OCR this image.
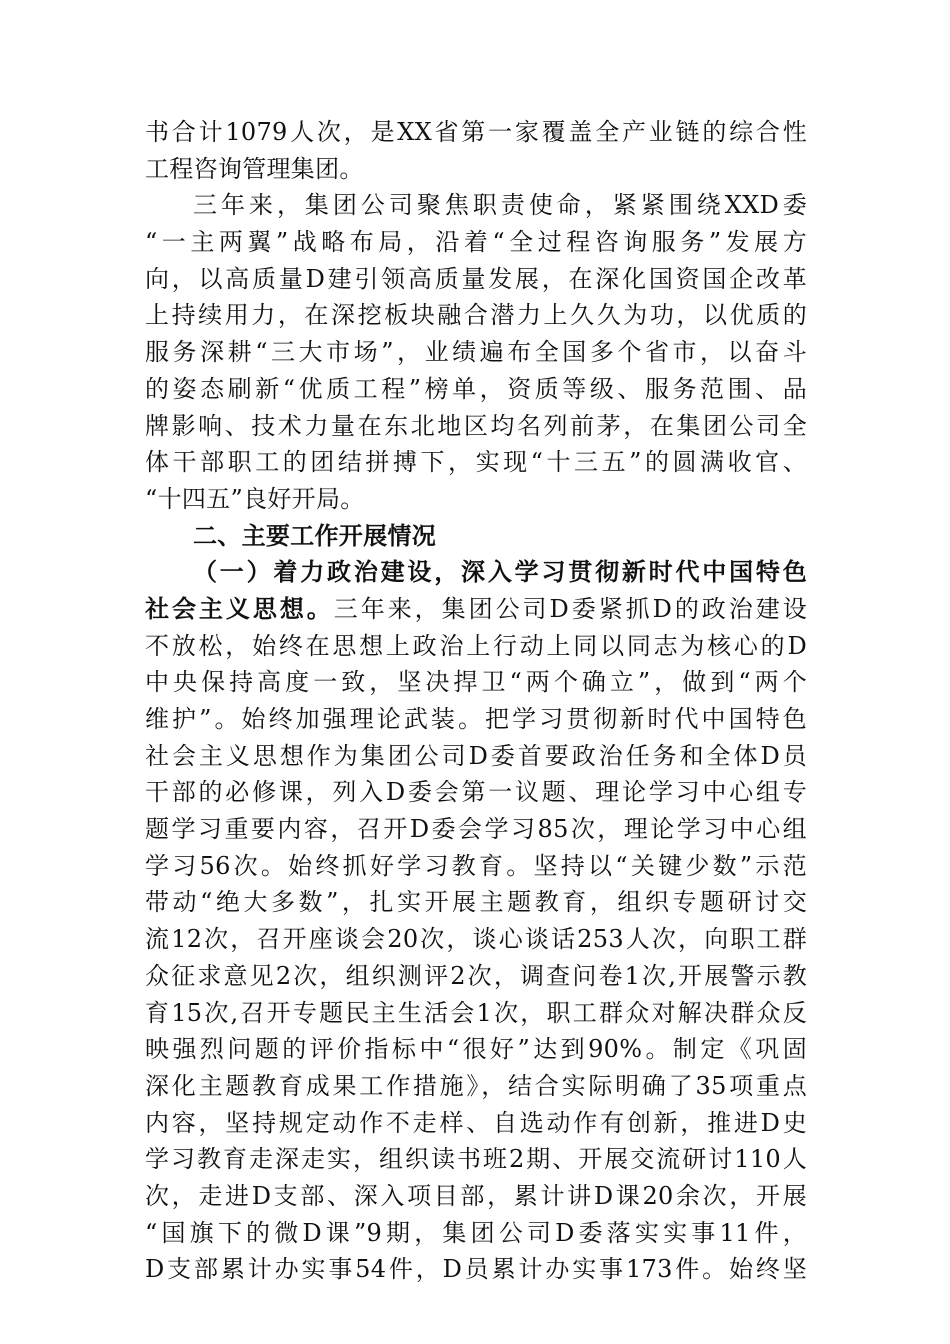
书合计1079人次，是XX省第一家覆盖全产业链的综合性
工程咨询管理集团。
三年来，集团公司聚焦职责使命，紧紧围绕XXD委
“一主两翼”战略布局，沿着“全过程咨询服务”发展方
向，以高质量D建引领高质量发展，在深化国资国企改革
上持续用力，在深挖板块融合潜力上久久为功，以优质的
服务深耕“三大市场”，业绩遍布全国多个省市，以奋斗
的姿态刷新“优质工程”榜单，资质等级、服务范围、品
牌影响、技术力量在东北地区均名列前茅，在集团公司全
体干部职工的团结拼搏下，实现“十三五”的圆满收官、
“十四五”良好开局。
二、主要工作开展情况
（一）着力政治建设，深入学习贯彻新时代中国特色
社会主义思想。三年来，集团公司D委紧抓D的政治建设
不放松，始终在思想上政治上行动上同以同志为核心的D
中央保持高度一致，坚决捍卫“两个确立”，做到“两个
维护”。始终加强理论武装。把学习贯彻新时代中国特色
社会主义思想作为集团公司D委首要政治任务和全体D员
干部的必修课，列入D委会第一议题、理论学习中心组专
题学习重要内容，召开D委会学习85次，理论学习中心组
学习56次。始终抓好学习教育。坚持以“关键少数”示范
带动“绝大多数”，扎实开展主题教育，组织专题研讨交
流12次，召开座谈会20次，谈心谈话253人次，向职工群
众征求意见2次，组织测评2次，调查问卷1次,开展警示教
育15次,召开专题民主生活会1次，职工群众对解决群众反
映强烈问题的评价指标中“很好”达到90%。制定《巩固
深化主题教育成果工作措施》，结合实际明确了35项重点
内容，坚持规定动作不走样、自选动作有创新，推进D史
学习教育走深走实，组织读书班2期、开展交流研讨110人
次，走进D支部、深入项目部，累计讲D课20余次，开展
“国旗下的微D课”9期，集团公司D委落实实事11件，
D支部累计办实事54件，D员累计办实事173件。始终坚
